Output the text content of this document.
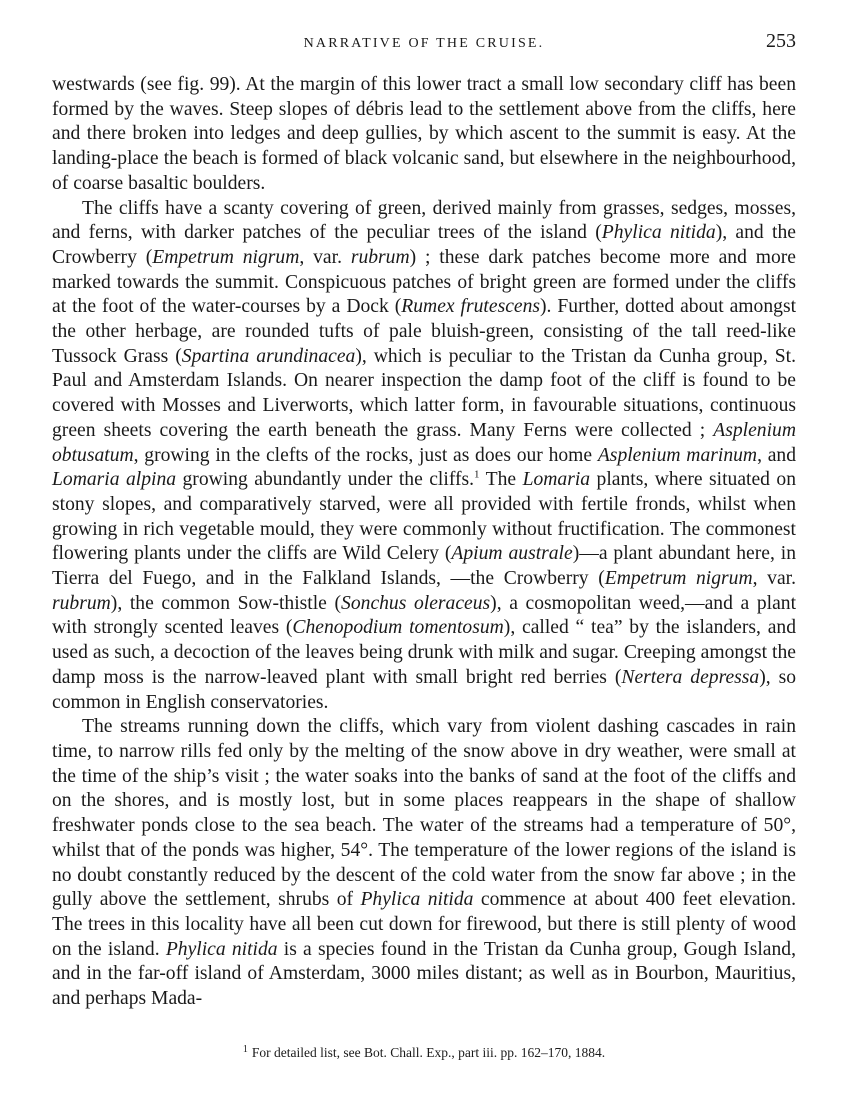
NARRATIVE OF THE CRUISE.	253

westwards (see fig. 99). At the margin of this lower tract a small low secondary cliff has been formed by the waves. Steep slopes of débris lead to the settlement above from the cliffs, here and there broken into ledges and deep gullies, by which ascent to the summit is easy. At the landing-place the beach is formed of black volcanic sand, but elsewhere in the neighbourhood, of coarse basaltic boulders.

The cliffs have a scanty covering of green, derived mainly from grasses, sedges, mosses, and ferns, with darker patches of the peculiar trees of the island (Phylica nitida), and the Crowberry (Empetrum nigrum, var. rubrum) ; these dark patches become more and more marked towards the summit. Conspicuous patches of bright green are formed under the cliffs at the foot of the water-courses by a Dock (Rumex frutescens). Further, dotted about amongst the other herbage, are rounded tufts of pale bluish-green, consisting of the tall reed-like Tussock Grass (Spartina arundinacea), which is peculiar to the Tristan da Cunha group, St. Paul and Amsterdam Islands. On nearer inspection the damp foot of the cliff is found to be covered with Mosses and Liverworts, which latter form, in favourable situations, continuous green sheets covering the earth beneath the grass. Many Ferns were collected ; Asplenium obtusatum, growing in the clefts of the rocks, just as does our home Asplenium marinum, and Lomaria alpina growing abundantly under the cliffs.$^1$ The Lomaria plants, where situated on stony slopes, and comparatively starved, were all provided with fertile fronds, whilst when growing in rich vegetable mould, they were commonly without fructification. The commonest flowering plants under the cliffs are Wild Celery (Apium australe)—a plant abundant here, in Tierra del Fuego, and in the Falkland Islands, —the Crowberry (Empetrum nigrum, var. rubrum), the common Sow-thistle (Sonchus oleraceus), a cosmopolitan weed,—and a plant with strongly scented leaves (Chenopodium tomentosum), called “ tea” by the islanders, and used as such, a decoction of the leaves being drunk with milk and sugar. Creeping amongst the damp moss is the narrow-leaved plant with small bright red berries (Nertera depressa), so common in English conservatories.

The streams running down the cliffs, which vary from violent dashing cascades in rain time, to narrow rills fed only by the melting of the snow above in dry weather, were small at the time of the ship’s visit ; the water soaks into the banks of sand at the foot of the cliffs and on the shores, and is mostly lost, but in some places reappears in the shape of shallow freshwater ponds close to the sea beach. The water of the streams had a temperature of 50°, whilst that of the ponds was higher, 54°. The temperature of the lower regions of the island is no doubt constantly reduced by the descent of the cold water from the snow far above ; in the gully above the settlement, shrubs of Phylica nitida commence at about 400 feet elevation. The trees in this locality have all been cut down for firewood, but there is still plenty of wood on the island. Phylica nitida is a species found in the Tristan da Cunha group, Gough Island, and in the far-off island of Amsterdam, 3000 miles distant; as well as in Bourbon, Mauritius, and perhaps Mada-

$^1$ For detailed list, see Bot. Chall. Exp., part iii. pp. 162–170, 1884.
